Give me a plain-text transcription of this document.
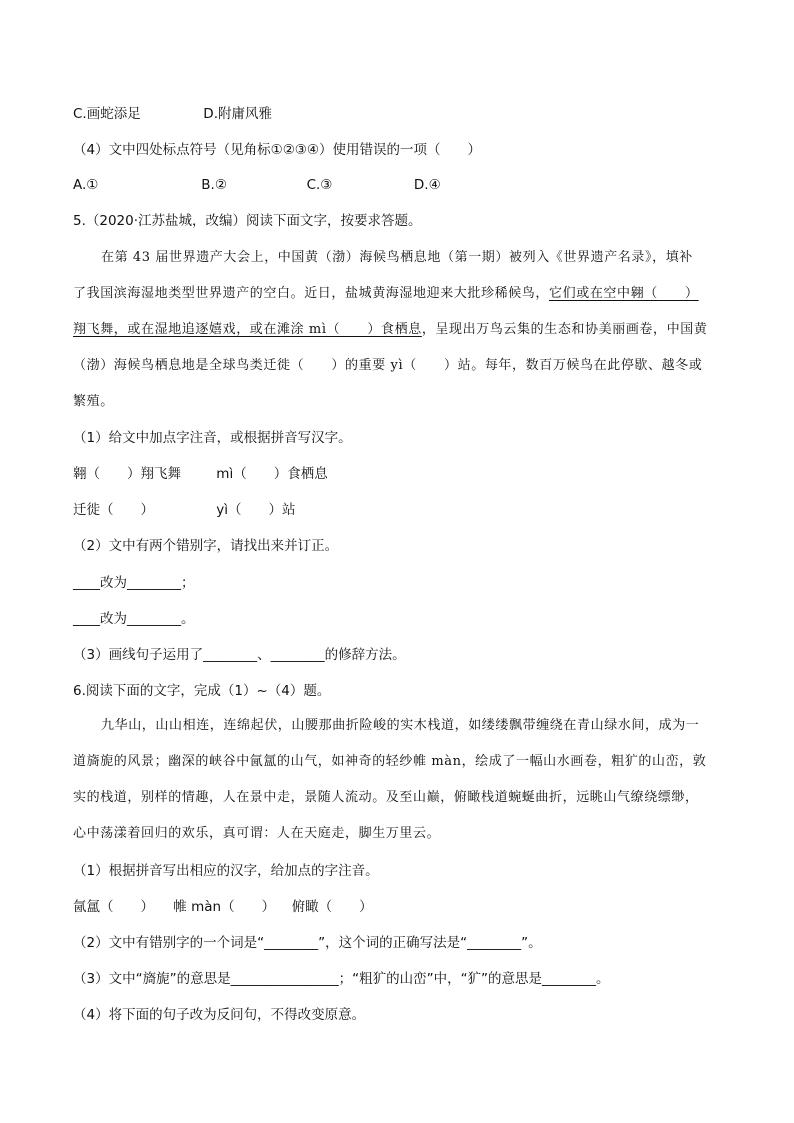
C.画蛇添足	D.附庸风雅
（4）文中四处标点符号（见角标①②③④）使用错误的一项（　　）
A.①	B.②	C.③	D.④
5.（2020·江苏盐城，改编）阅读下面文字，按要求答题。
在第 43 届世界遗产大会上，中国黄（渤）海候鸟栖息地（第一期）被列入《世界遗产名录》，填补
了我国滨海湿地类型世界遗产的空白。近日，盐城黄海湿地迎来大批珍稀候鸟，它们或在空中翱（　　）
翔飞舞，或在湿地追逐嬉戏，或在滩涂 mì（　　）食栖息，呈现出万鸟云集的生态和协美丽画卷，中国黄
（渤）海候鸟栖息地是全球鸟类迁徙（　　）的重要 yì（　　）站。每年，数百万候鸟在此停歇、越冬或
繁殖。
（1）给文中加点字注音，或根据拼音写汉字。
翱（　　）翔飞舞	mì（　　）食栖息
迁徙（　　）	yì（　　）站
（2）文中有两个错别字，请找出来并订正。
____改为________；
____改为________。
（3）画线句子运用了________、________的修辞方法。
6.阅读下面的文字，完成（1）~（4）题。
九华山，山山相连，连绵起伏，山腰那曲折险峻的实木栈道，如缕缕飘带缠绕在青山绿水间，成为一
道旖旎的风景；幽深的峡谷中氤氲的山气，如神奇的轻纱帷 màn，绘成了一幅山水画卷，粗犷的山峦，敦
实的栈道，别样的情趣，人在景中走，景随人流动。及至山巅，俯瞰栈道蜿蜒曲折，远眺山气缭绕缥缈，
心中荡漾着回归的欢乐，真可谓：人在天庭走，脚生万里云。
（1）根据拼音写出相应的汉字，给加点的字注音。
氤氲（　　） 帷 màn（　　） 俯瞰（　　）
（2）文中有错别字的一个词是“________”，这个词的正确写法是“________”。
（3）文中“旖旎”的意思是________________；“粗犷的山峦”中，“犷”的意思是________。
（4）将下面的句子改为反问句，不得改变原意。
